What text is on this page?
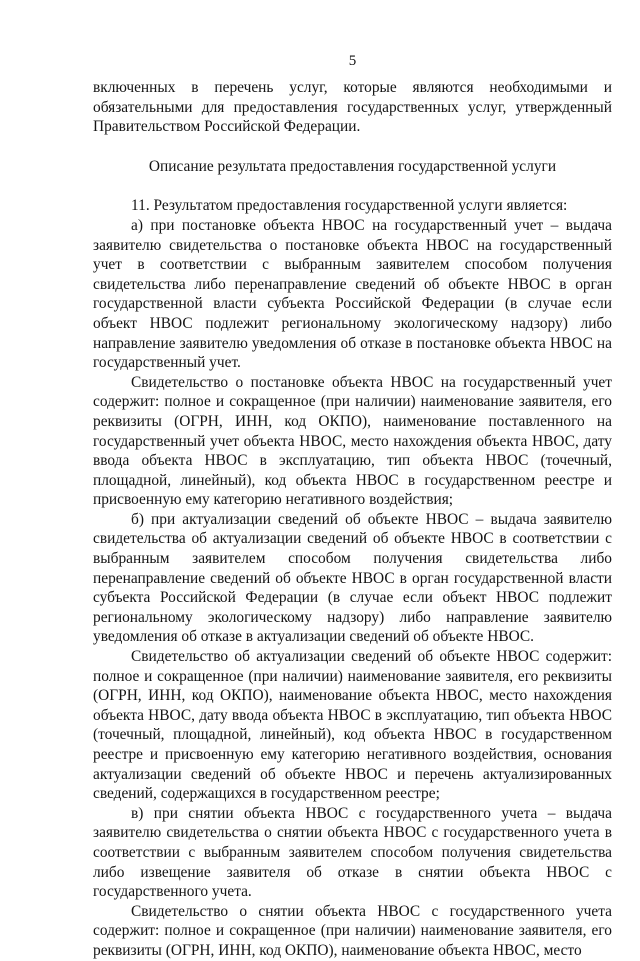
5

включенных в перечень услуг, которые являются необходимыми и обязательными для предоставления государственных услуг, утвержденный Правительством Российской Федерации.

Описание результата предоставления государственной услуги

11. Результатом предоставления государственной услуги является:

а) при постановке объекта НВОС на государственный учет – выдача заявителю свидетельства о постановке объекта НВОС на государственный учет в соответствии с выбранным заявителем способом получения свидетельства либо перенаправление сведений об объекте НВОС в орган государственной власти субъекта Российской Федерации (в случае если объект НВОС подлежит региональному экологическому надзору) либо направление заявителю уведомления об отказе в постановке объекта НВОС на государственный учет.

Свидетельство о постановке объекта НВОС на государственный учет содержит: полное и сокращенное (при наличии) наименование заявителя, его реквизиты (ОГРН, ИНН, код ОКПО), наименование поставленного на государственный учет объекта НВОС, место нахождения объекта НВОС, дату ввода объекта НВОС в эксплуатацию, тип объекта НВОС (точечный, площадной, линейный), код объекта НВОС в государственном реестре и присвоенную ему категорию негативного воздействия;

б) при актуализации сведений об объекте НВОС – выдача заявителю свидетельства об актуализации сведений об объекте НВОС в соответствии с выбранным заявителем способом получения свидетельства либо перенаправление сведений об объекте НВОС в орган государственной власти субъекта Российской Федерации (в случае если объект НВОС подлежит региональному экологическому надзору) либо направление заявителю уведомления об отказе в актуализации сведений об объекте НВОС.

Свидетельство об актуализации сведений об объекте НВОС содержит: полное и сокращенное (при наличии) наименование заявителя, его реквизиты (ОГРН, ИНН, код ОКПО), наименование объекта НВОС, место нахождения объекта НВОС, дату ввода объекта НВОС в эксплуатацию, тип объекта НВОС (точечный, площадной, линейный), код объекта НВОС в государственном реестре и присвоенную ему категорию негативного воздействия, основания актуализации сведений об объекте НВОС и перечень актуализированных сведений, содержащихся в государственном реестре;

в) при снятии объекта НВОС с государственного учета – выдача заявителю свидетельства о снятии объекта НВОС с государственного учета в соответствии с выбранным заявителем способом получения свидетельства либо извещение заявителя об отказе в снятии объекта НВОС с государственного учета.

Свидетельство о снятии объекта НВОС с государственного учета содержит: полное и сокращенное (при наличии) наименование заявителя, его реквизиты (ОГРН, ИНН, код ОКПО), наименование объекта НВОС, место
